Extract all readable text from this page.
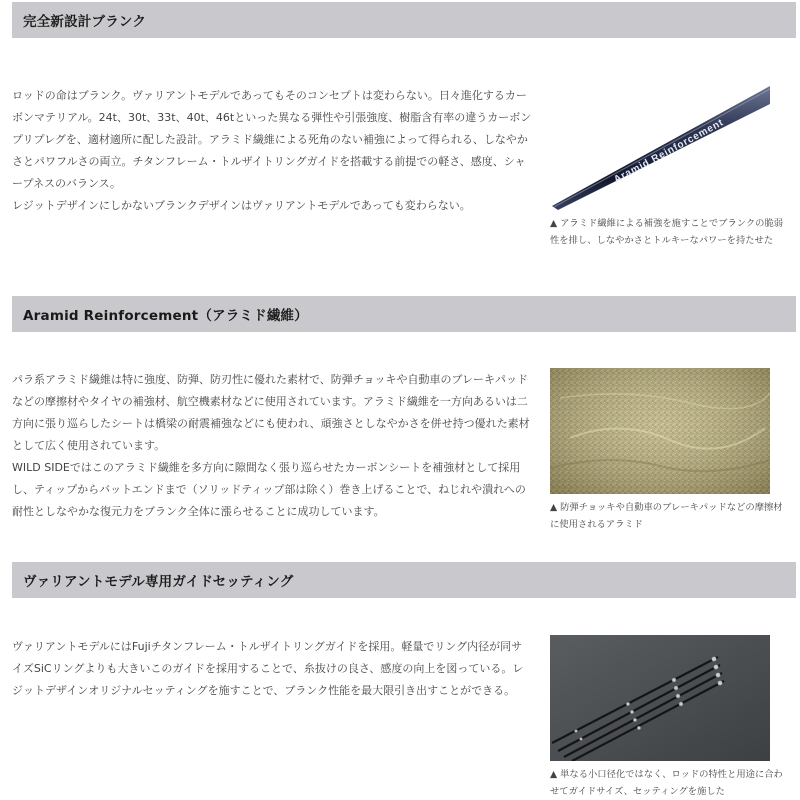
完全新設計ブランク

ロッドの命はブランク。ヴァリアントモデルであってもそのコンセプトは変わらない。日々進化するカーボンマテリアル。24t、30t、33t、40t、46tといった異なる弾性や引張強度、樹脂含有率の違うカーボンプリプレグを、適材適所に配した設計。アラミド繊維による死角のない補強によって得られる、しなやかさとパワフルさの両立。チタンフレーム・トルザイトリングガイドを搭載する前提での軽さ、感度、シャープネスのバランス。

レジットデザインにしかないブランクデザインはヴァリアントモデルであっても変わらない。

Aramid Reinforcement
▲ アラミド繊維による補強を施すことでブランクの脆弱性を排し、しなやかさとトルキーなパワーを持たせた
Aramid Reinforcement（アラミド繊維）

パラ系アラミド繊維は特に強度、防弾、防刃性に優れた素材で、防弾チョッキや自動車のブレーキパッドなどの摩擦材やタイヤの補強材、航空機素材などに使用されています。アラミド繊維を一方向あるいは二方向に張り巡らしたシートは橋梁の耐震補強などにも使われ、頑強さとしなやかさを併せ持つ優れた素材として広く使用されています。

WILD SIDEではこのアラミド繊維を多方向に隙間なく張り巡らせたカーボンシートを補強材として採用し、ティップからバットエンドまで（ソリッドティップ部は除く）巻き上げることで、ねじれや潰れへの耐性としなやかな復元力をブランク全体に漲らせることに成功しています。	▲ 防弾チョッキや自動車のブレーキパッドなどの摩擦材に使用されるアラミド
ヴァリアントモデル専用ガイドセッティング

ヴァリアントモデルにはFujiチタンフレーム・トルザイトリングガイドを採用。軽量でリング内径が同サイズSiCリングよりも大きいこのガイドを採用することで、糸抜けの良さ、感度の向上を図っている。レジットデザインオリジナルセッティングを施すことで、ブランク性能を最大限引き出すことができる。

▲ 単なる小口径化ではなく、ロッドの特性と用途に合わせてガイドサイズ、セッティングを施した
